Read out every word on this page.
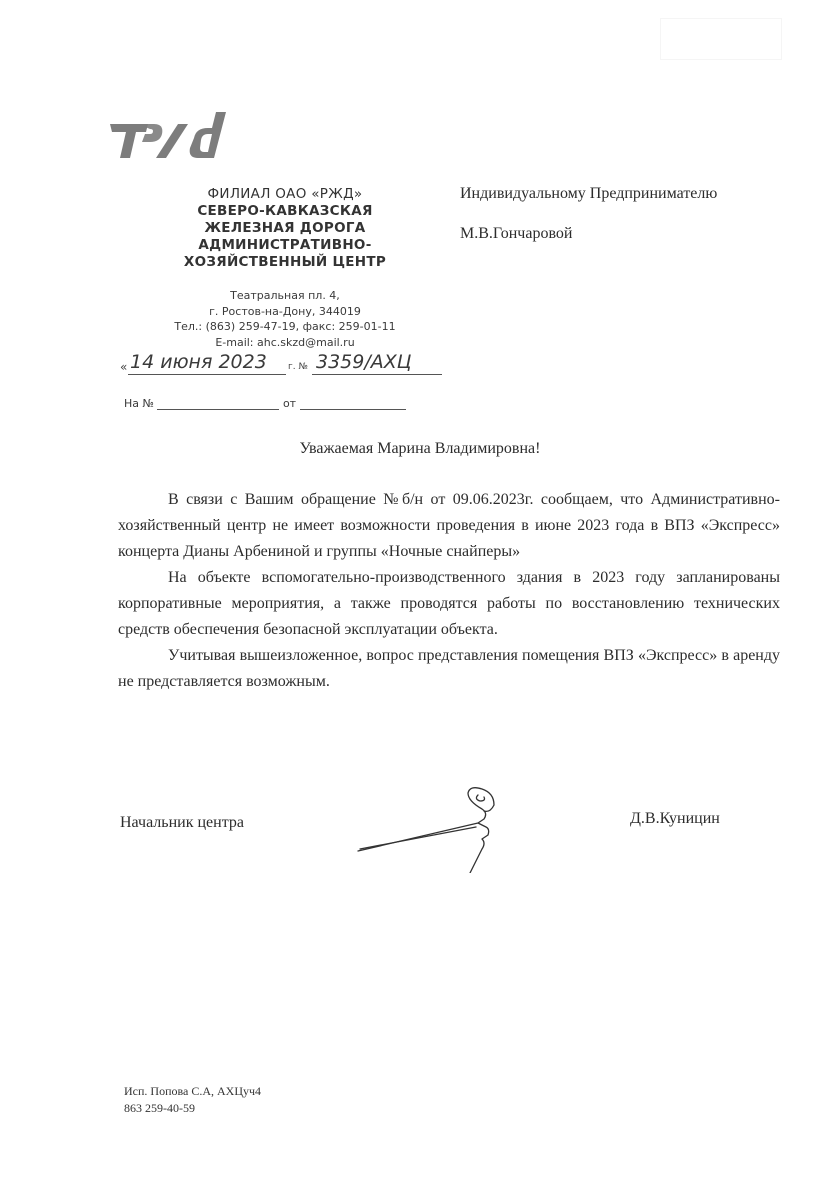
ФИЛИАЛ ОАО «РЖД»
СЕВЕРО-КАВКАЗСКАЯ
ЖЕЛЕЗНАЯ ДОРОГА
АДМИНИСТРАТИВНО-
ХОЗЯЙСТВЕННЫЙ ЦЕНТР
Театральная пл. 4,
г. Ростов-на-Дону, 344019
Тел.: (863) 259-47-19, факс: 259-01-11
E-mail: ahc.skzd@mail.ru
« 14 июня 2023 г. № 3359/АХЦ
На №	от
Индивидуальному Предпринимателю
М.В.Гончаровой
Уважаемая Марина Владимировна!

В связи с Вашим обращение №б/н от 09.06.2023г. сообщаем, что Административно-хозяйственный центр не имеет возможности проведения в июне 2023 года в ВПЗ «Экспресс» концерта Дианы Арбениной и группы «Ночные снайперы»

На объекте вспомогательно-производственного здания в 2023 году запланированы корпоративные мероприятия, а также проводятся работы по восстановлению технических средств обеспечения безопасной эксплуатации объекта.

Учитывая вышеизложенное, вопрос представления помещения ВПЗ «Экспресс» в аренду не представляется возможным.

Начальник центра	Д.В.Куницин
Исп. Попова С.А, АХЦуч4
863 259-40-59
